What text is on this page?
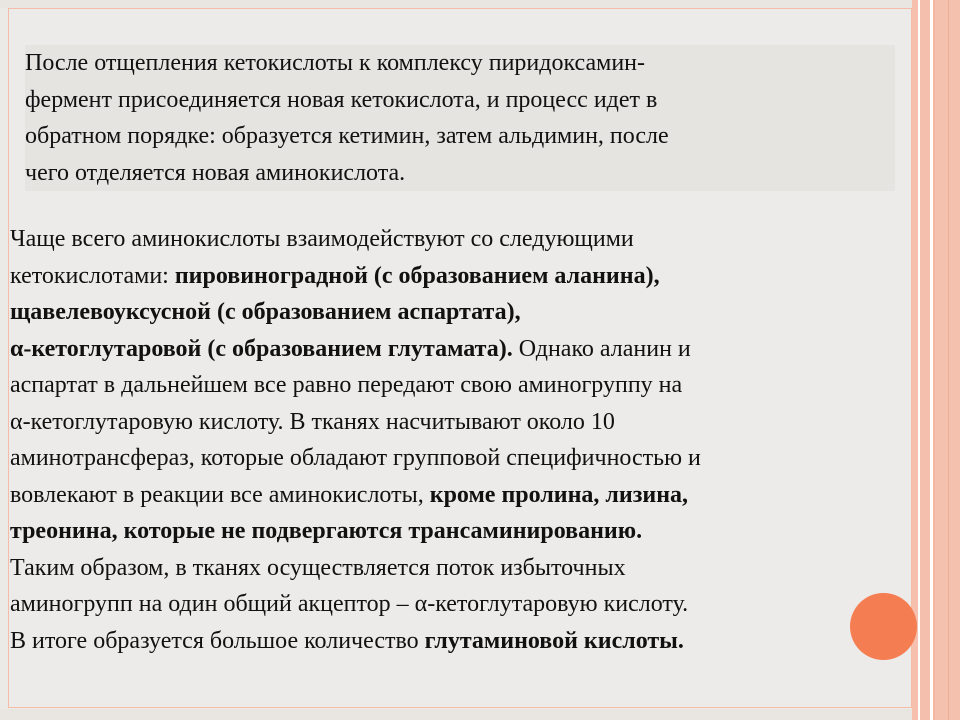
После отщепления кетокислоты к комплексу пиридоксамин-
фермент присоединяется новая кетокислота, и процесс идет в
обратном порядке: образуется кетимин, затем альдимин, после
чего отделяется новая аминокислота.

Чаще всего аминокислоты взаимодействуют со следующими
кетокислотами: пировиноградной (с образованием аланина),
щавелевоуксусной (с образованием аспартата),
α-кетоглутаровой (с образованием глутамата). Однако аланин и
аспартат в дальнейшем все равно передают свою аминогруппу на
α-кетоглутаровую кислоту. В тканях насчитывают около 10
аминотрансфераз, которые обладают групповой специфичностью и
вовлекают в реакции все аминокислоты, кроме пролина, лизина,
треонина, которые не подвергаются трансаминированию.
Таким образом, в тканях осуществляется поток избыточных
аминогрупп на один общий акцептор – α-кетоглутаровую кислоту.
В итоге образуется большое количество глутаминовой кислоты.
